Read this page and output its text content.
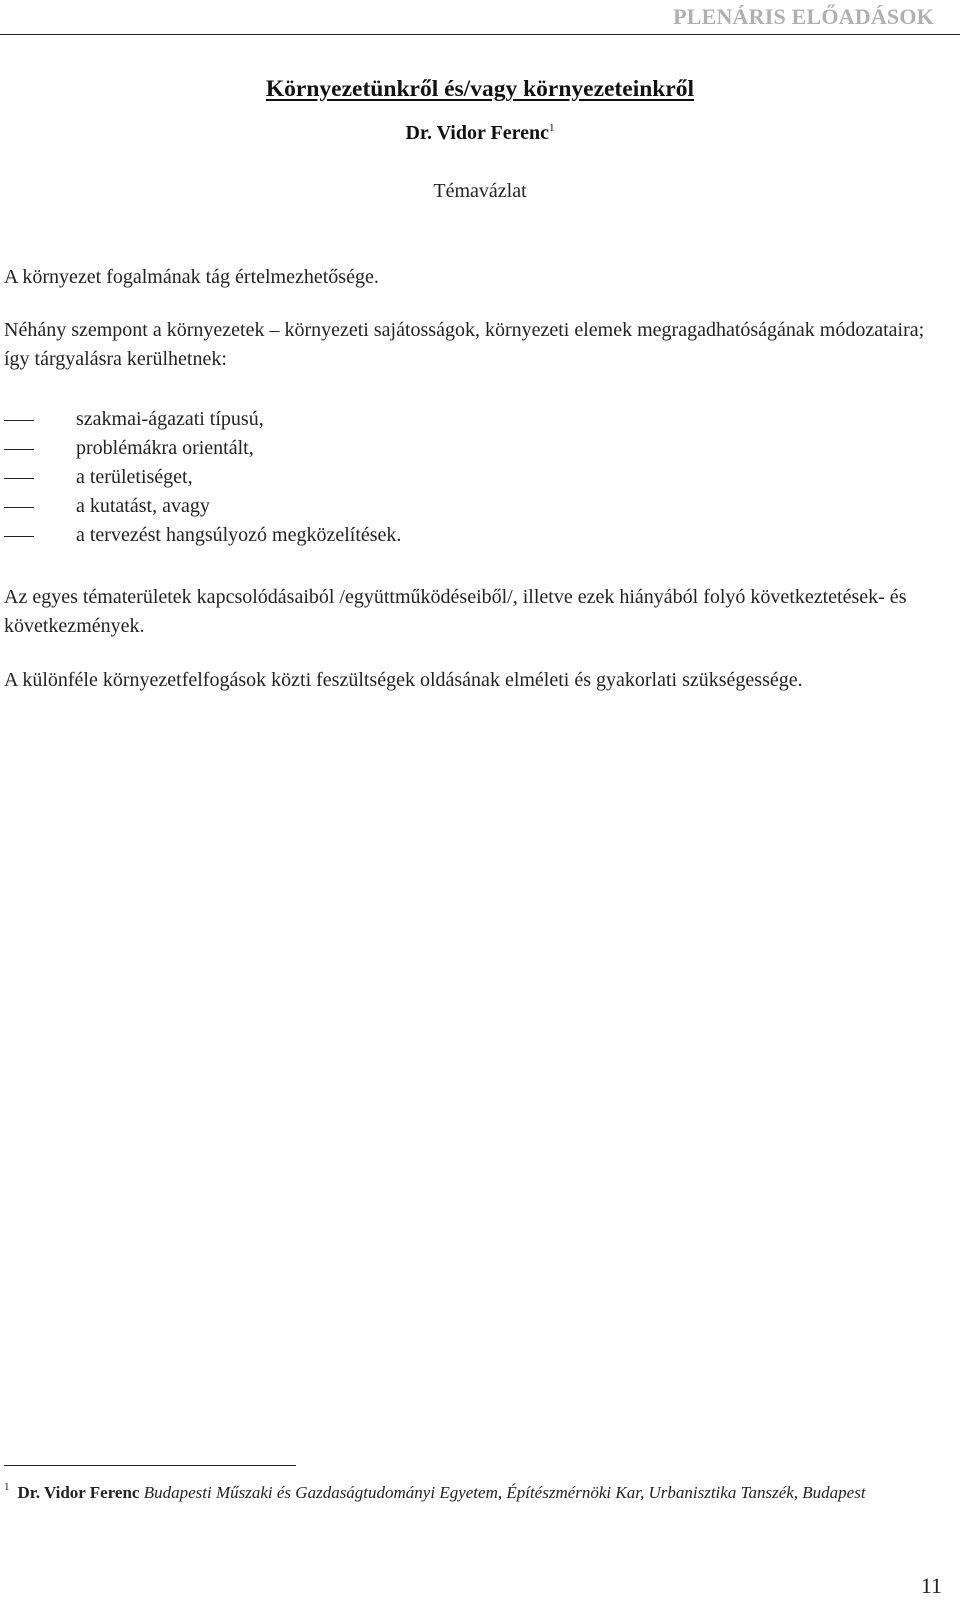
PLENÁRIS ELŐADÁSOK
Környezetünkről és/vagy környezeteinkről
Dr. Vidor Ferenc$^1$
Témavázlat
A környezet fogalmának tág értelmezhetősége.
Néhány szempont a környezetek – környezeti sajátosságok, környezeti elemek megragadhatóságának módozataira; így tárgyalásra kerülhetnek:
szakmai-ágazati típusú,
problémákra orientált,
a területiséget,
a kutatást, avagy
a tervezést hangsúlyozó megközelítések.
Az egyes tématerületek kapcsolódásaiból /együttműködéseiből/, illetve ezek hiányából folyó következtetések- és következmények.
A különféle környezetfelfogások közti feszültségek oldásának elméleti és gyakorlati szükségessége.
$^1$ Dr. Vidor Ferenc Budapesti Műszaki és Gazdaságtudományi Egyetem, Építészmérnöki Kar, Urbanisztika Tanszék, Budapest
11
